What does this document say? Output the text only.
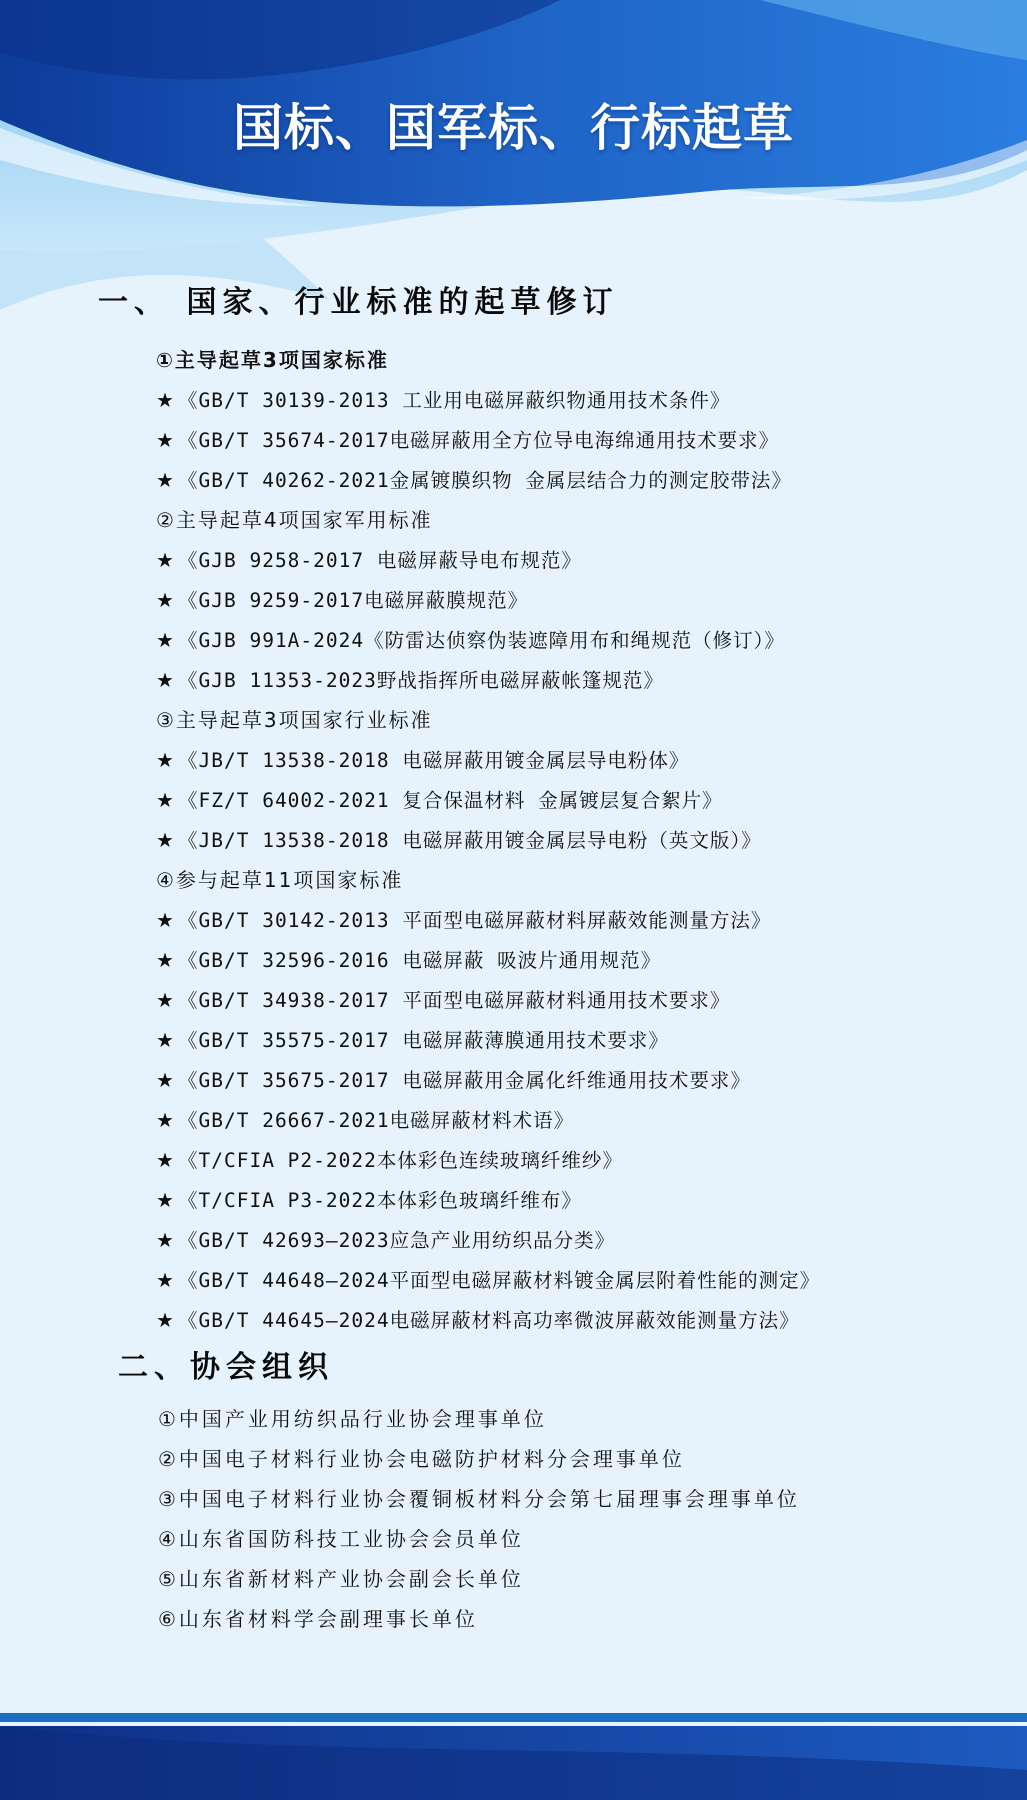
国标、国军标、行标起草
一、 国家、行业标准的起草修订
①主导起草3项国家标准
★ 《GB/T 30139-2013 工业用电磁屏蔽织物通用技术条件》
★ 《GB/T 35674-2017电磁屏蔽用全方位导电海绵通用技术要求》
★ 《GB/T 40262-2021金属镀膜织物 金属层结合力的测定胶带法》
②主导起草4项国家军用标准
★ 《GJB 9258-2017 电磁屏蔽导电布规范》
★ 《GJB 9259-2017电磁屏蔽膜规范》
★ 《GJB 991A-2024《防雷达侦察伪装遮障用布和绳规范（修订）》
★ 《GJB 11353-2023野战指挥所电磁屏蔽帐篷规范》
③主导起草3项国家行业标准
★ 《JB/T 13538-2018 电磁屏蔽用镀金属层导电粉体》
★ 《FZ/T 64002-2021 复合保温材料 金属镀层复合絮片》
★ 《JB/T 13538-2018 电磁屏蔽用镀金属层导电粉（英文版）》
④参与起草11项国家标准
★ 《GB/T 30142-2013 平面型电磁屏蔽材料屏蔽效能测量方法》
★ 《GB/T 32596-2016 电磁屏蔽 吸波片通用规范》
★ 《GB/T 34938-2017 平面型电磁屏蔽材料通用技术要求》
★ 《GB/T 35575-2017 电磁屏蔽薄膜通用技术要求》
★ 《GB/T 35675-2017 电磁屏蔽用金属化纤维通用技术要求》
★ 《GB/T 26667-2021电磁屏蔽材料术语》
★ 《T/CFIA P2-2022本体彩色连续玻璃纤维纱》
★ 《T/CFIA P3-2022本体彩色玻璃纤维布》
★ 《GB/T 42693—2023应急产业用纺织品分类》
★ 《GB/T 44648—2024平面型电磁屏蔽材料镀金属层附着性能的测定》
★ 《GB/T 44645—2024电磁屏蔽材料高功率微波屏蔽效能测量方法》
二、协会组织
①中国产业用纺织品行业协会理事单位
②中国电子材料行业协会电磁防护材料分会理事单位
③中国电子材料行业协会覆铜板材料分会第七届理事会理事单位
④山东省国防科技工业协会会员单位
⑤山东省新材料产业协会副会长单位
⑥山东省材料学会副理事长单位
